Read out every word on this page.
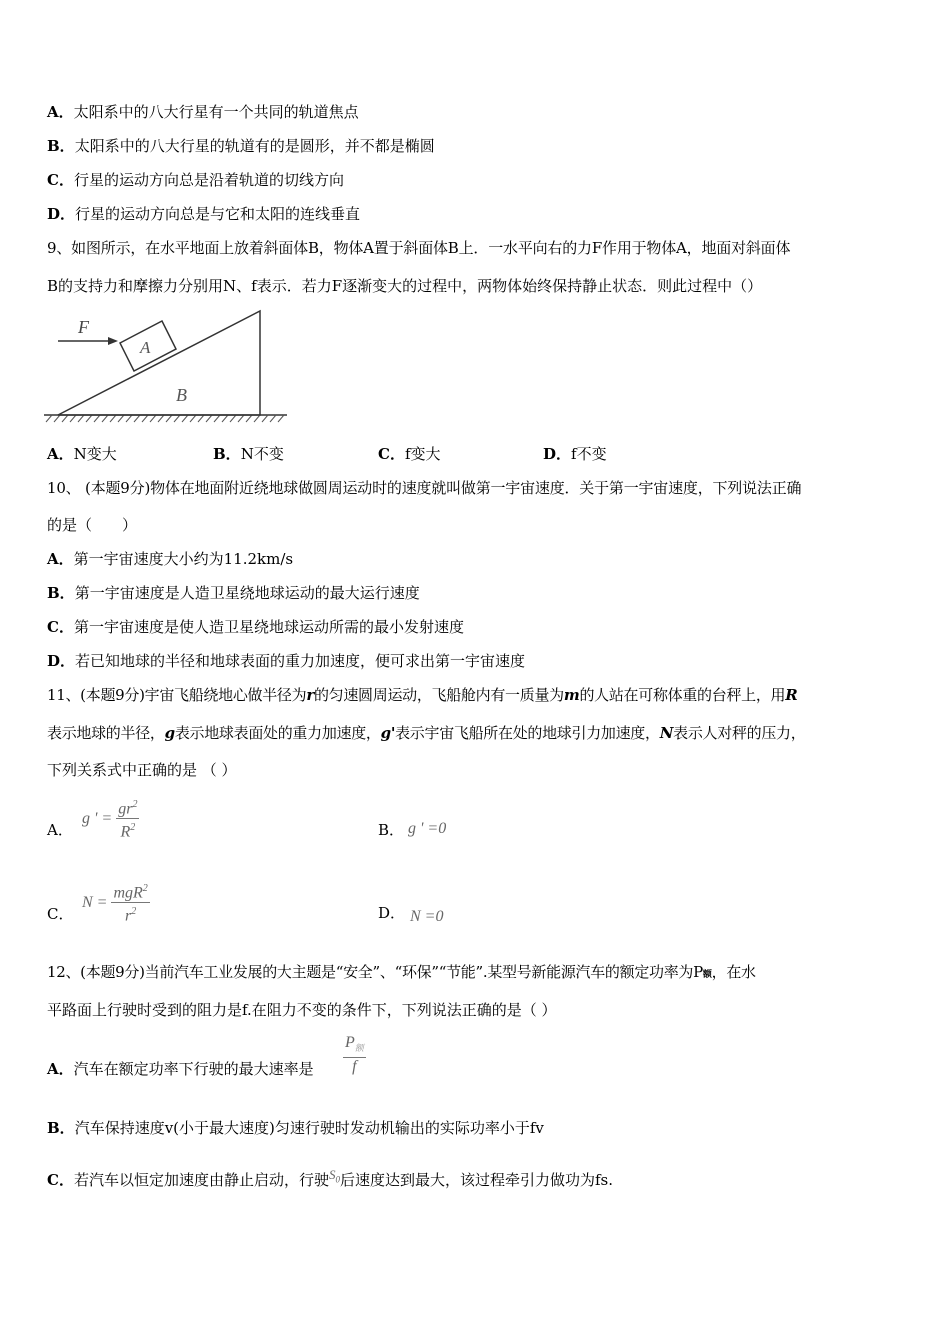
A．太阳系中的八大行星有一个共同的轨道焦点
B．太阳系中的八大行星的轨道有的是圆形，并不都是椭圆
C．行星的运动方向总是沿着轨道的切线方向
D．行星的运动方向总是与它和太阳的连线垂直
9、如图所示，在水平地面上放着斜面体B，物体A置于斜面体B上．一水平向右的力F作用于物体A，地面对斜面体
B的支持力和摩擦力分别用N、f表示．若力F逐渐变大的过程中，两物体始终保持静止状态．则此过程中（）
B
A
F
A．N变大	B．N不变	C．f变大	D．f不变
10、 (本题9分)物体在地面附近绕地球做圆周运动时的速度就叫做第一宇宙速度．关于第一宇宙速度，下列说法正确
的是（　　）
A．第一宇宙速度大小约为11.2km/s
B．第一宇宙速度是人造卫星绕地球运动的最大运行速度
C．第一宇宙速度是使人造卫星绕地球运动所需的最小发射速度
D．若已知地球的半径和地球表面的重力加速度，便可求出第一宇宙速度
11、(本题9分)宇宙飞船绕地心做半径为r的匀速圆周运动，飞船舱内有一质量为m的人站在可称体重的台秤上，用R
表示地球的半径，g表示地球表面处的重力加速度，g'表示宇宙飞船所在处的地球引力加速度，N表示人对秤的压力，
下列关系式中正确的是 （ ）
A．
g ' = $\frac{gr^2}{R^2}$	B． g ' =0
C．
$N = \frac{mgR^2}{r^2}$	D． N =0
12、(本题9分)当前汽车工业发展的大主题是“安全”、“环保”“节能”.某型号新能源汽车的额定功率为P额，在水
平路面上行驶时受到的阻力是f.在阻力不变的条件下，下列说法正确的是（ ）
A．汽车在额定功率下行驶的最大速率是 $\frac{P_额}{f}$
B．汽车保持速度v(小于最大速度)匀速行驶时发动机输出的实际功率小于fv
C．若汽车以恒定加速度由静止启动，行驶$S_0$后速度达到最大，该过程牵引力做功为fs.
